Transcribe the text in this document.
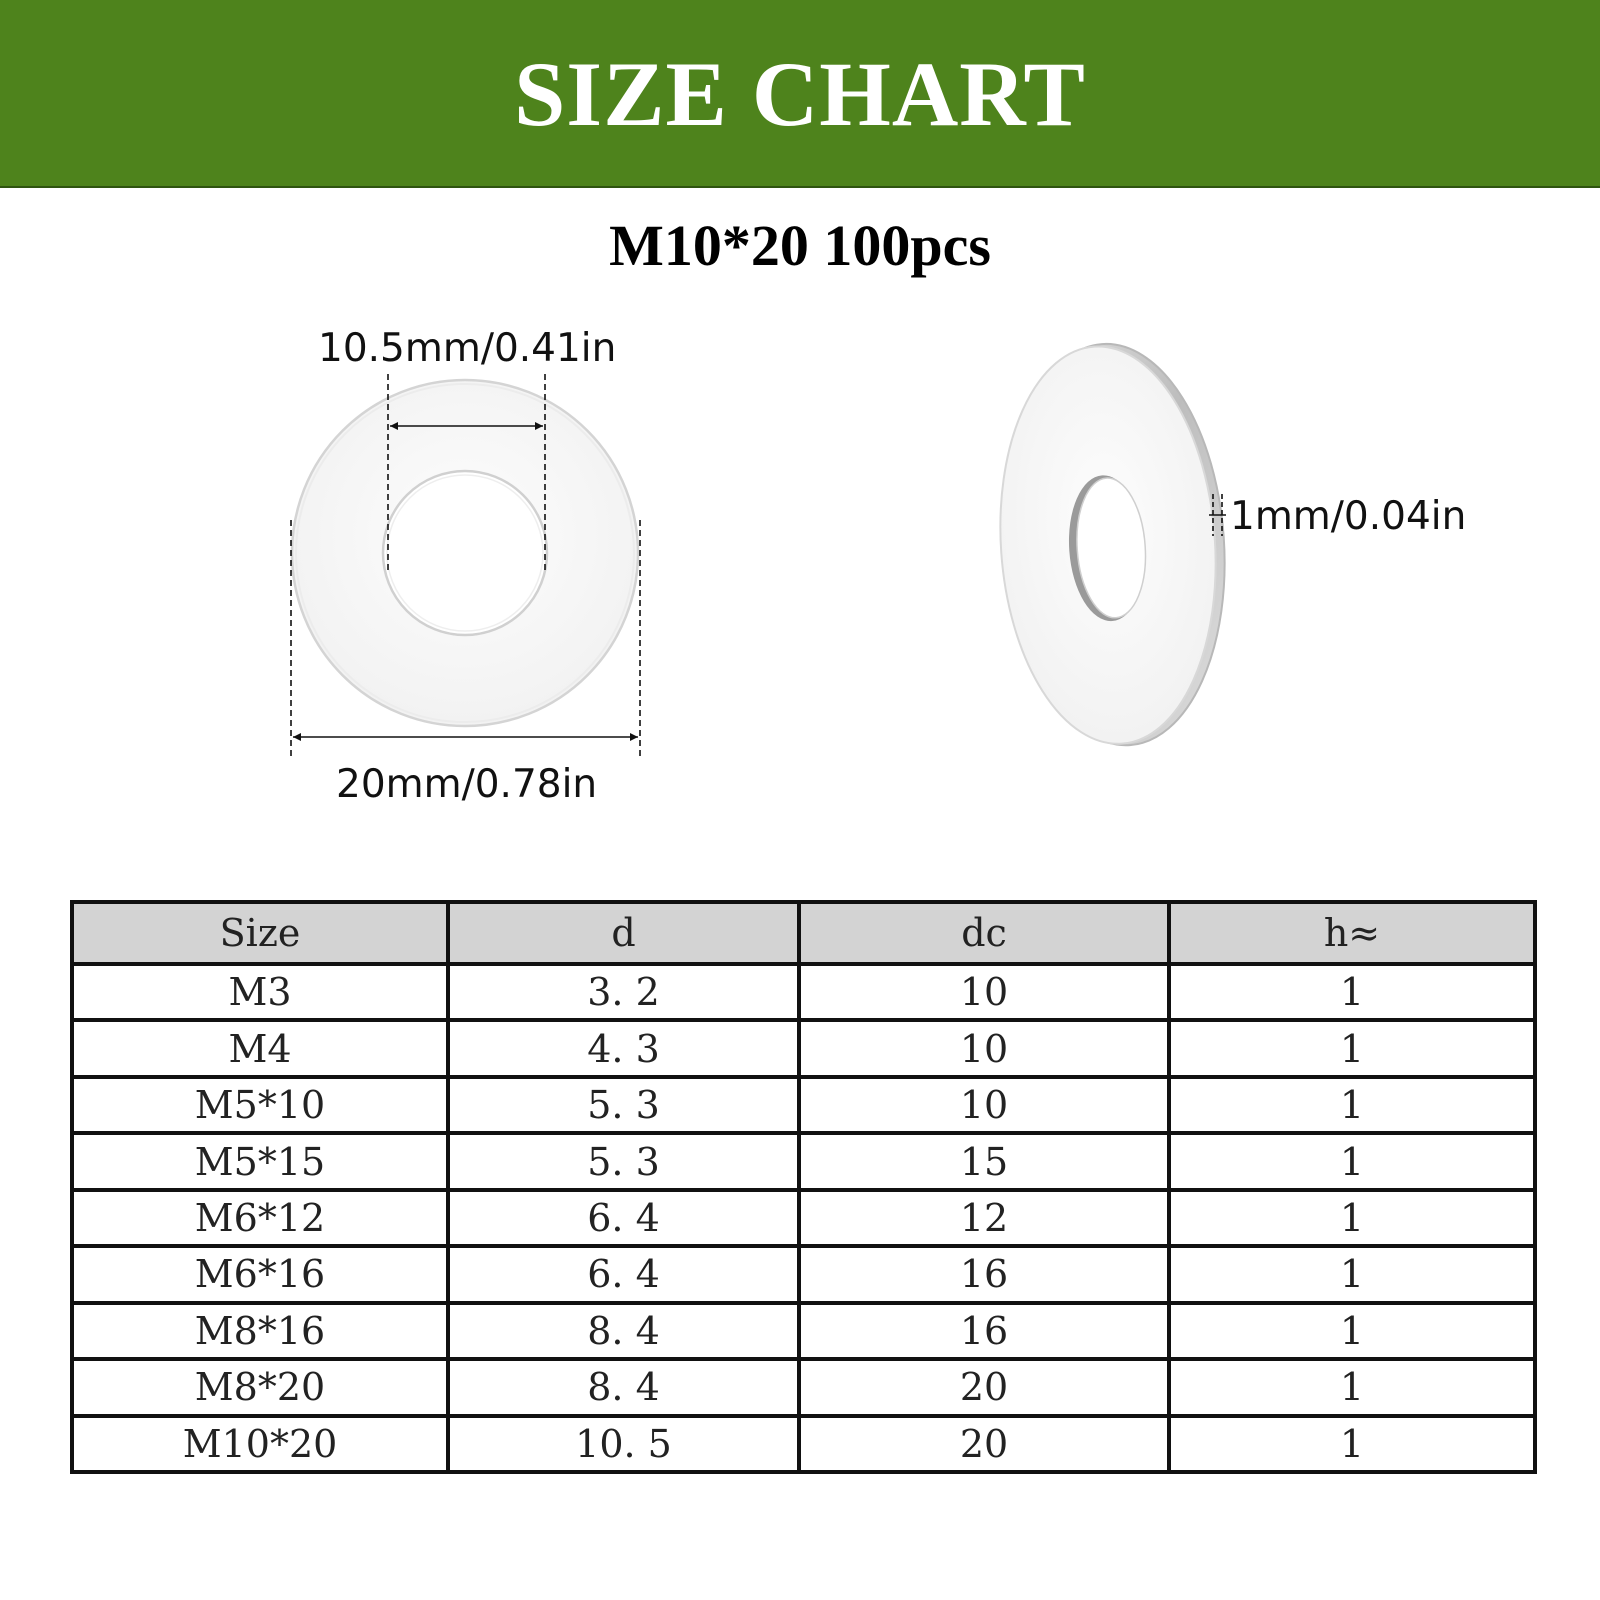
SIZE CHART
M10*20 100pcs
10.5mm/0.41in
20mm/0.78in
1mm/0.04in
Size	d	dc	h≈
M3	3. 2	10	1
M4	4. 3	10	1
M5*10	5. 3	10	1
M5*15	5. 3	15	1
M6*12	6. 4	12	1
M6*16	6. 4	16	1
M8*16	8. 4	16	1
M8*20	8. 4	20	1
M10*20	10. 5	20	1
